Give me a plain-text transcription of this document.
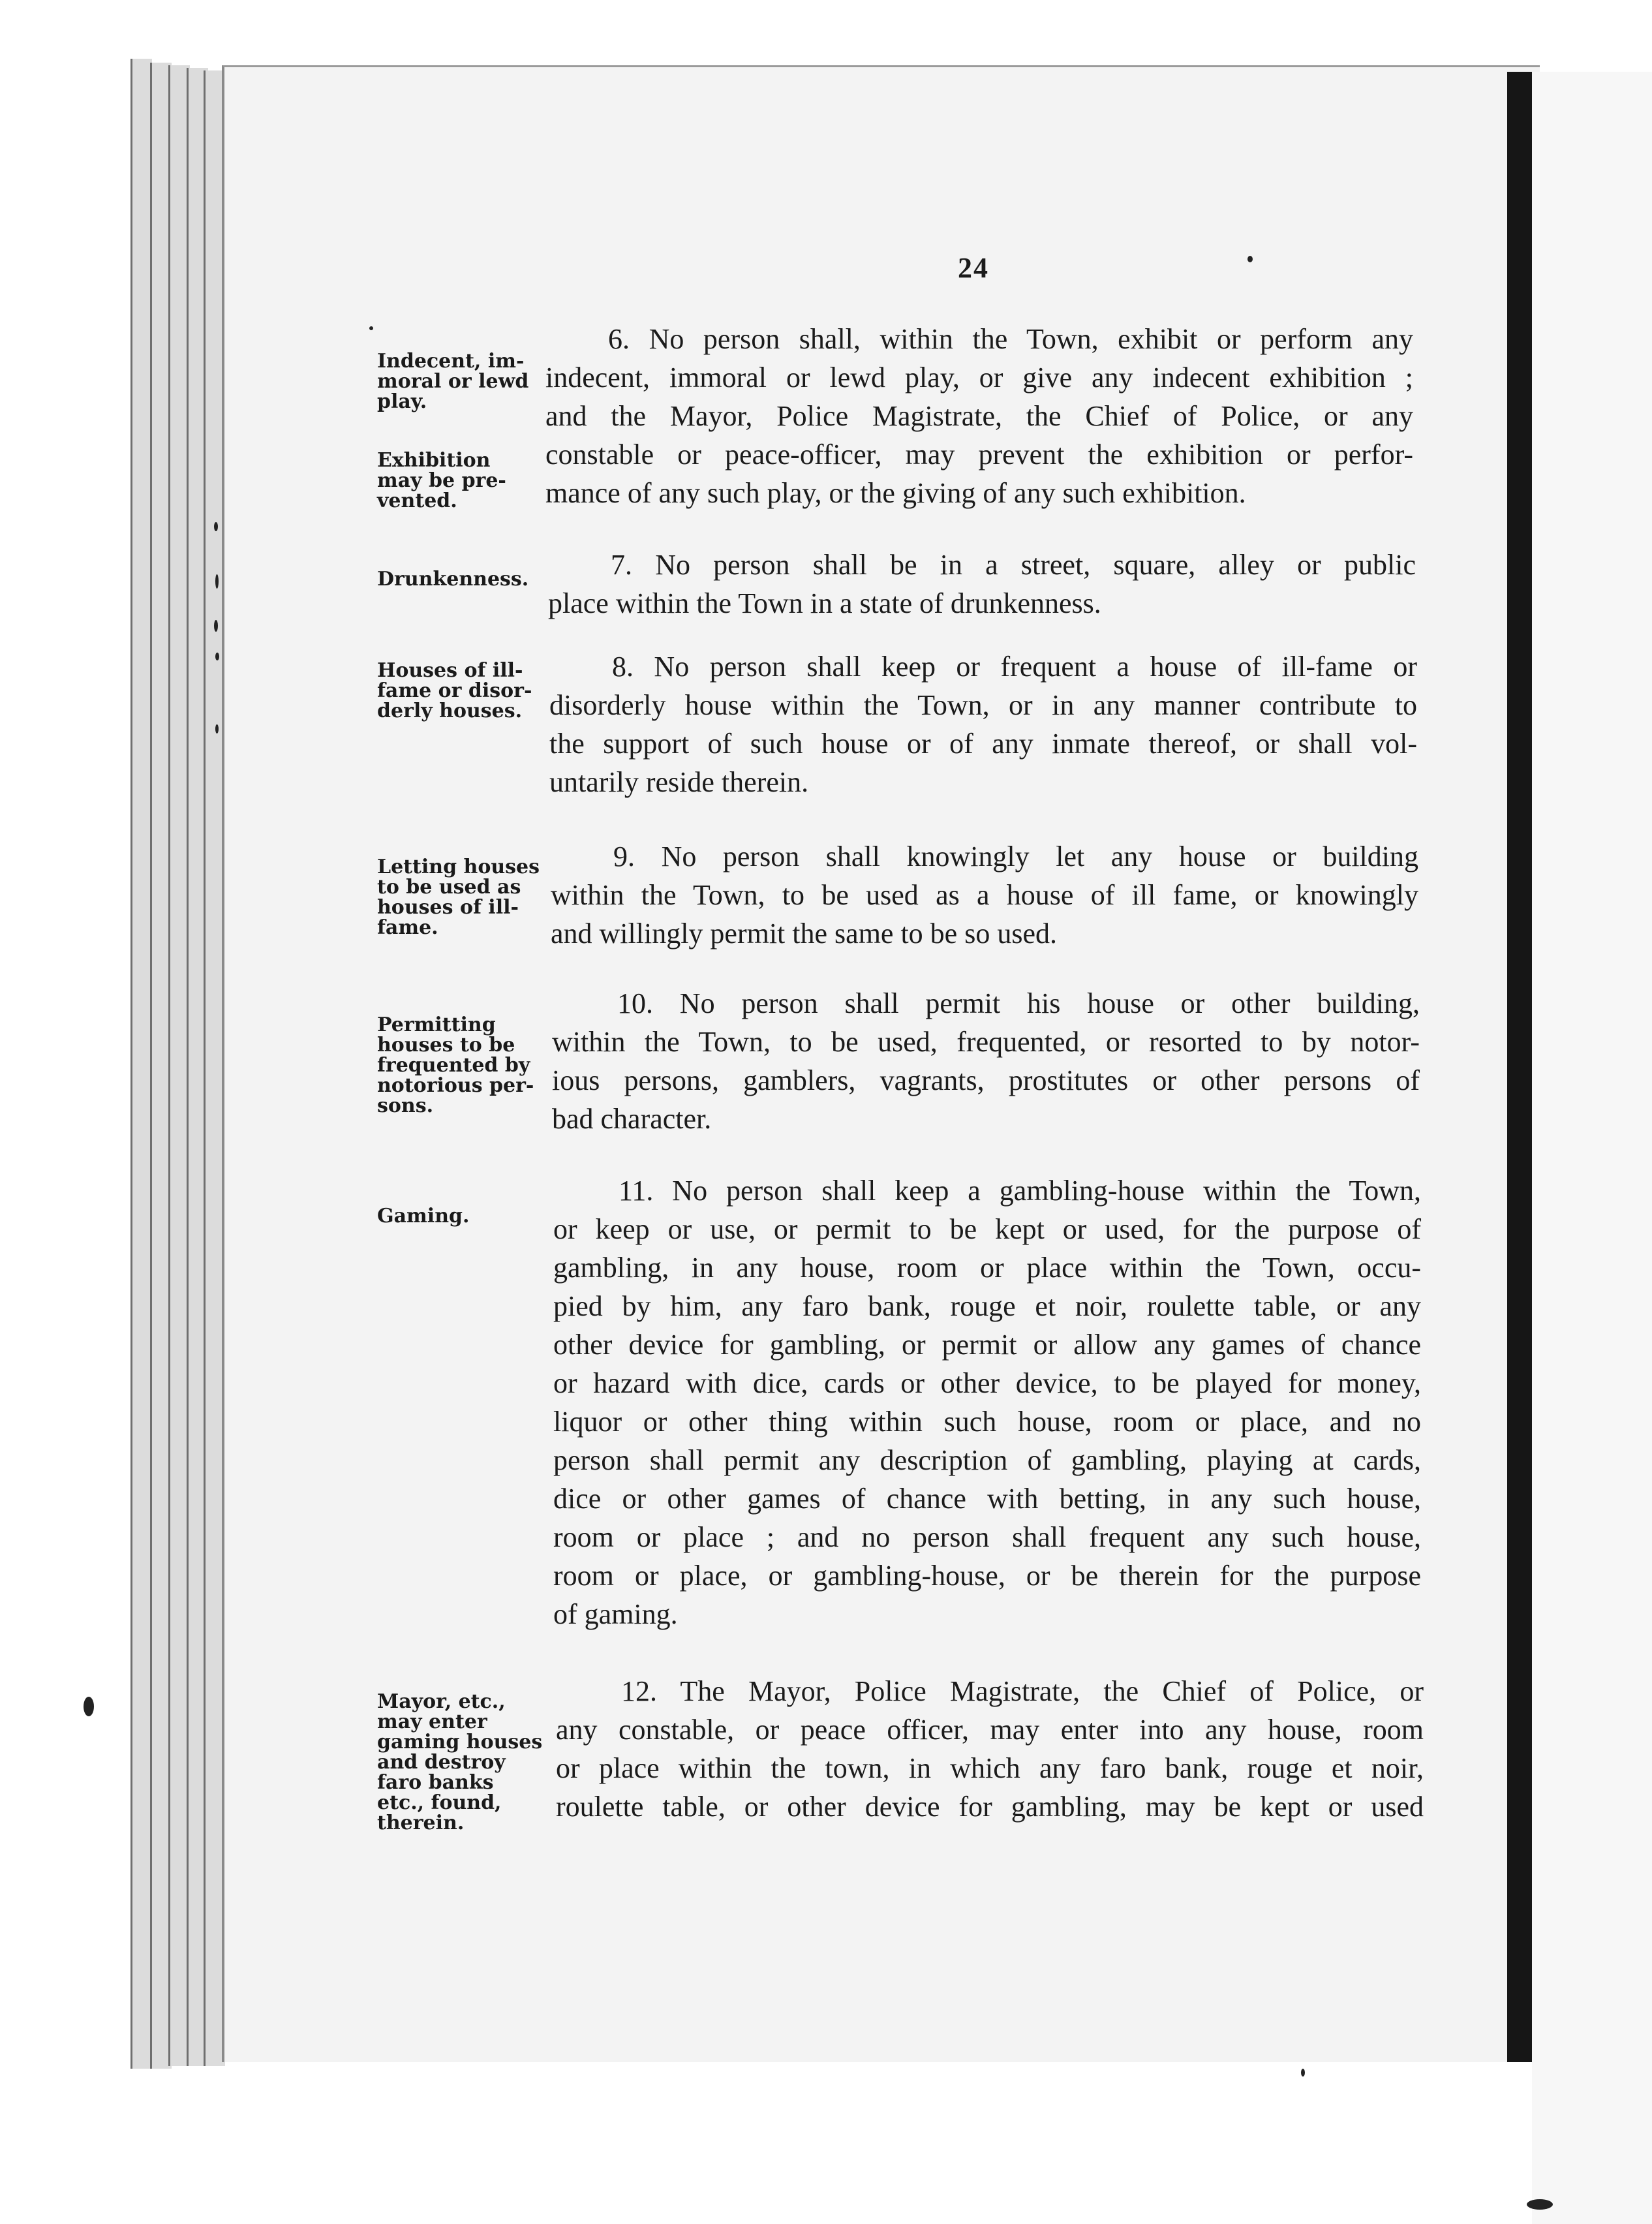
24
Indecent, im-
moral or lewd
play.
Exhibition
may be pre-
vented.
Drunkenness.
Houses of ill-
fame or disor-
derly houses.
Letting houses
to be used as
houses of ill-
fame.
Permitting
houses to be
frequented by
notorious per-
sons.
Gaming.
Mayor, etc.,
may enter
gaming houses
and destroy
faro banks
etc., found,
therein.
6. No person shall, within the Town, exhibit or perform any
indecent, immoral or lewd play, or give any indecent exhibition ;
and the Mayor, Police Magistrate, the Chief of Police, or any
constable or peace-officer, may prevent the exhibition or perfor-
mance of any such play, or the giving of any such exhibition.
7. No person shall be in a street, square, alley or public
place within the Town in a state of drunkenness.
8. No person shall keep or frequent a house of ill-fame or
disorderly house within the Town, or in any manner contribute to
the support of such house or of any inmate thereof, or shall vol-
untarily reside therein.
9. No person shall knowingly let any house or building
within the Town, to be used as a house of ill fame, or knowingly
and willingly permit the same to be so used.
10. No person shall permit his house or other building,
within the Town, to be used, frequented, or resorted to by notor-
ious persons, gamblers, vagrants, prostitutes or other persons of
bad character.
11. No person shall keep a gambling-house within the Town,
or keep or use, or permit to be kept or used, for the purpose of
gambling, in any house, room or place within the Town, occu-
pied by him, any faro bank, rouge et noir, roulette table, or any
other device for gambling, or permit or allow any games of chance
or hazard with dice, cards or other device, to be played for money,
liquor or other thing within such house, room or place, and no
person shall permit any description of gambling, playing at cards,
dice or other games of chance with betting, in any such house,
room or place ; and no person shall frequent any such house,
room or place, or gambling-house, or be therein for the purpose
of gaming.
12. The Mayor, Police Magistrate, the Chief of Police, or
any constable, or peace officer, may enter into any house, room
or place within the town, in which any faro bank, rouge et noir,
roulette table, or other device for gambling, may be kept or used
